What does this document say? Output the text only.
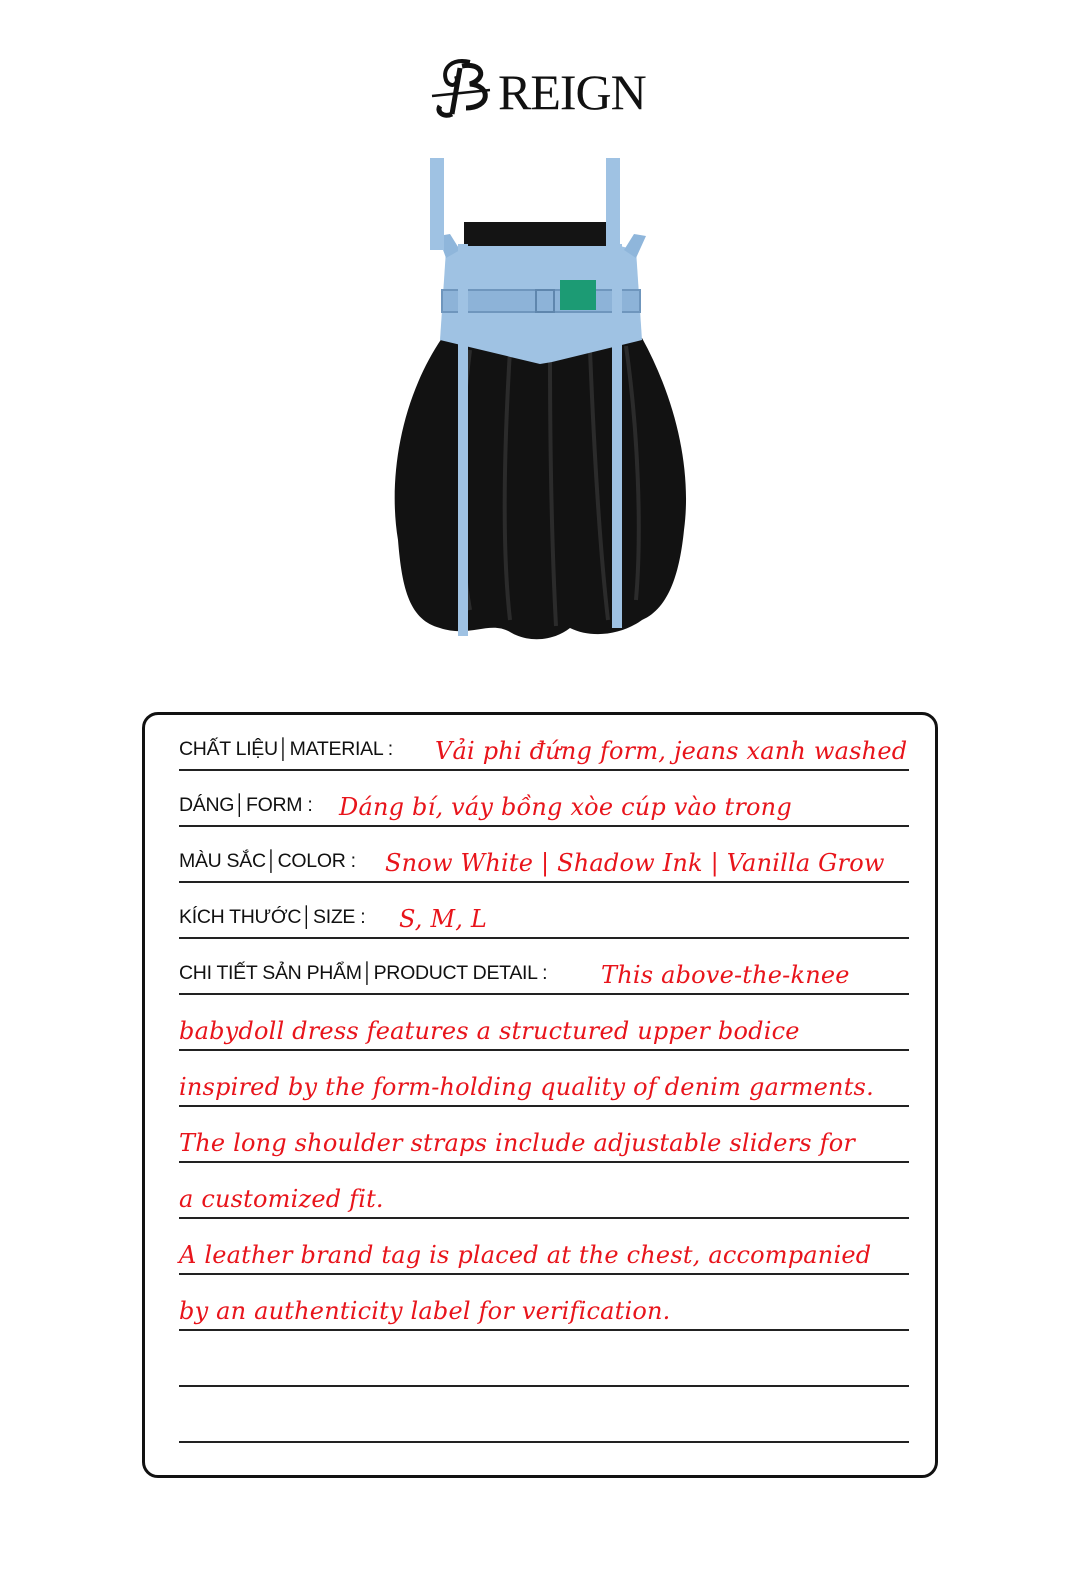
REIGN
CHẤT LIỆU│MATERIAL : Vải phi đứng form, jeans xanh washed
DÁNG│FORM : Dáng bí, váy bồng xòe cúp vào trong
MÀU SẮC│COLOR : Snow White | Shadow Ink | Vanilla Grow
KÍCH THƯỚC│SIZE : S, M, L
CHI TIẾT SẢN PHẨM│PRODUCT DETAIL : This above-the-knee
babydoll dress features a structured upper bodice
inspired by the form-holding quality of denim garments.
The long shoulder straps include adjustable sliders for
a customized fit.
A leather brand tag is placed at the chest, accompanied
by an authenticity label for verification.
